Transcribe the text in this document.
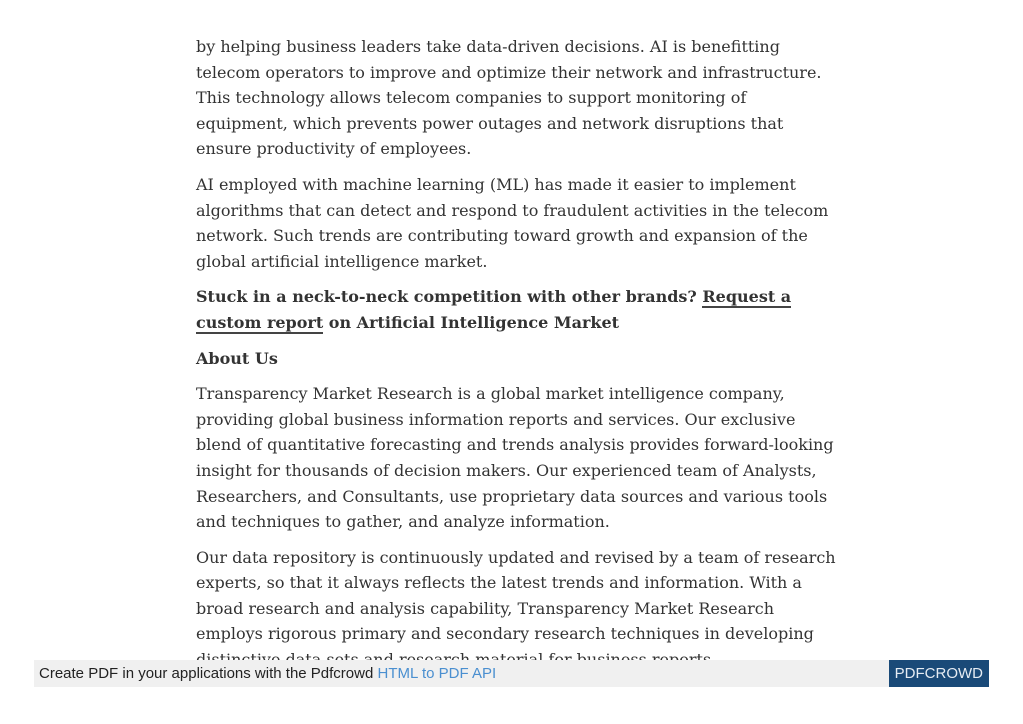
by helping business leaders take data-driven decisions. AI is benefitting telecom operators to improve and optimize their network and infrastructure. This technology allows telecom companies to support monitoring of equipment, which prevents power outages and network disruptions that ensure productivity of employees.

AI employed with machine learning (ML) has made it easier to implement algorithms that can detect and respond to fraudulent activities in the telecom network. Such trends are contributing toward growth and expansion of the global artificial intelligence market.

Stuck in a neck-to-neck competition with other brands? Request a custom report on Artificial Intelligence Market

About Us

Transparency Market Research is a global market intelligence company, providing global business information reports and services. Our exclusive blend of quantitative forecasting and trends analysis provides forward-looking insight for thousands of decision makers. Our experienced team of Analysts, Researchers, and Consultants, use proprietary data sources and various tools and techniques to gather, and analyze information.

Our data repository is continuously updated and revised by a team of research experts, so that it always reflects the latest trends and information. With a broad research and analysis capability, Transparency Market Research employs rigorous primary and secondary research techniques in developing

Create PDF in your applications with the Pdfcrowd HTML to PDF API	PDFCROWD
